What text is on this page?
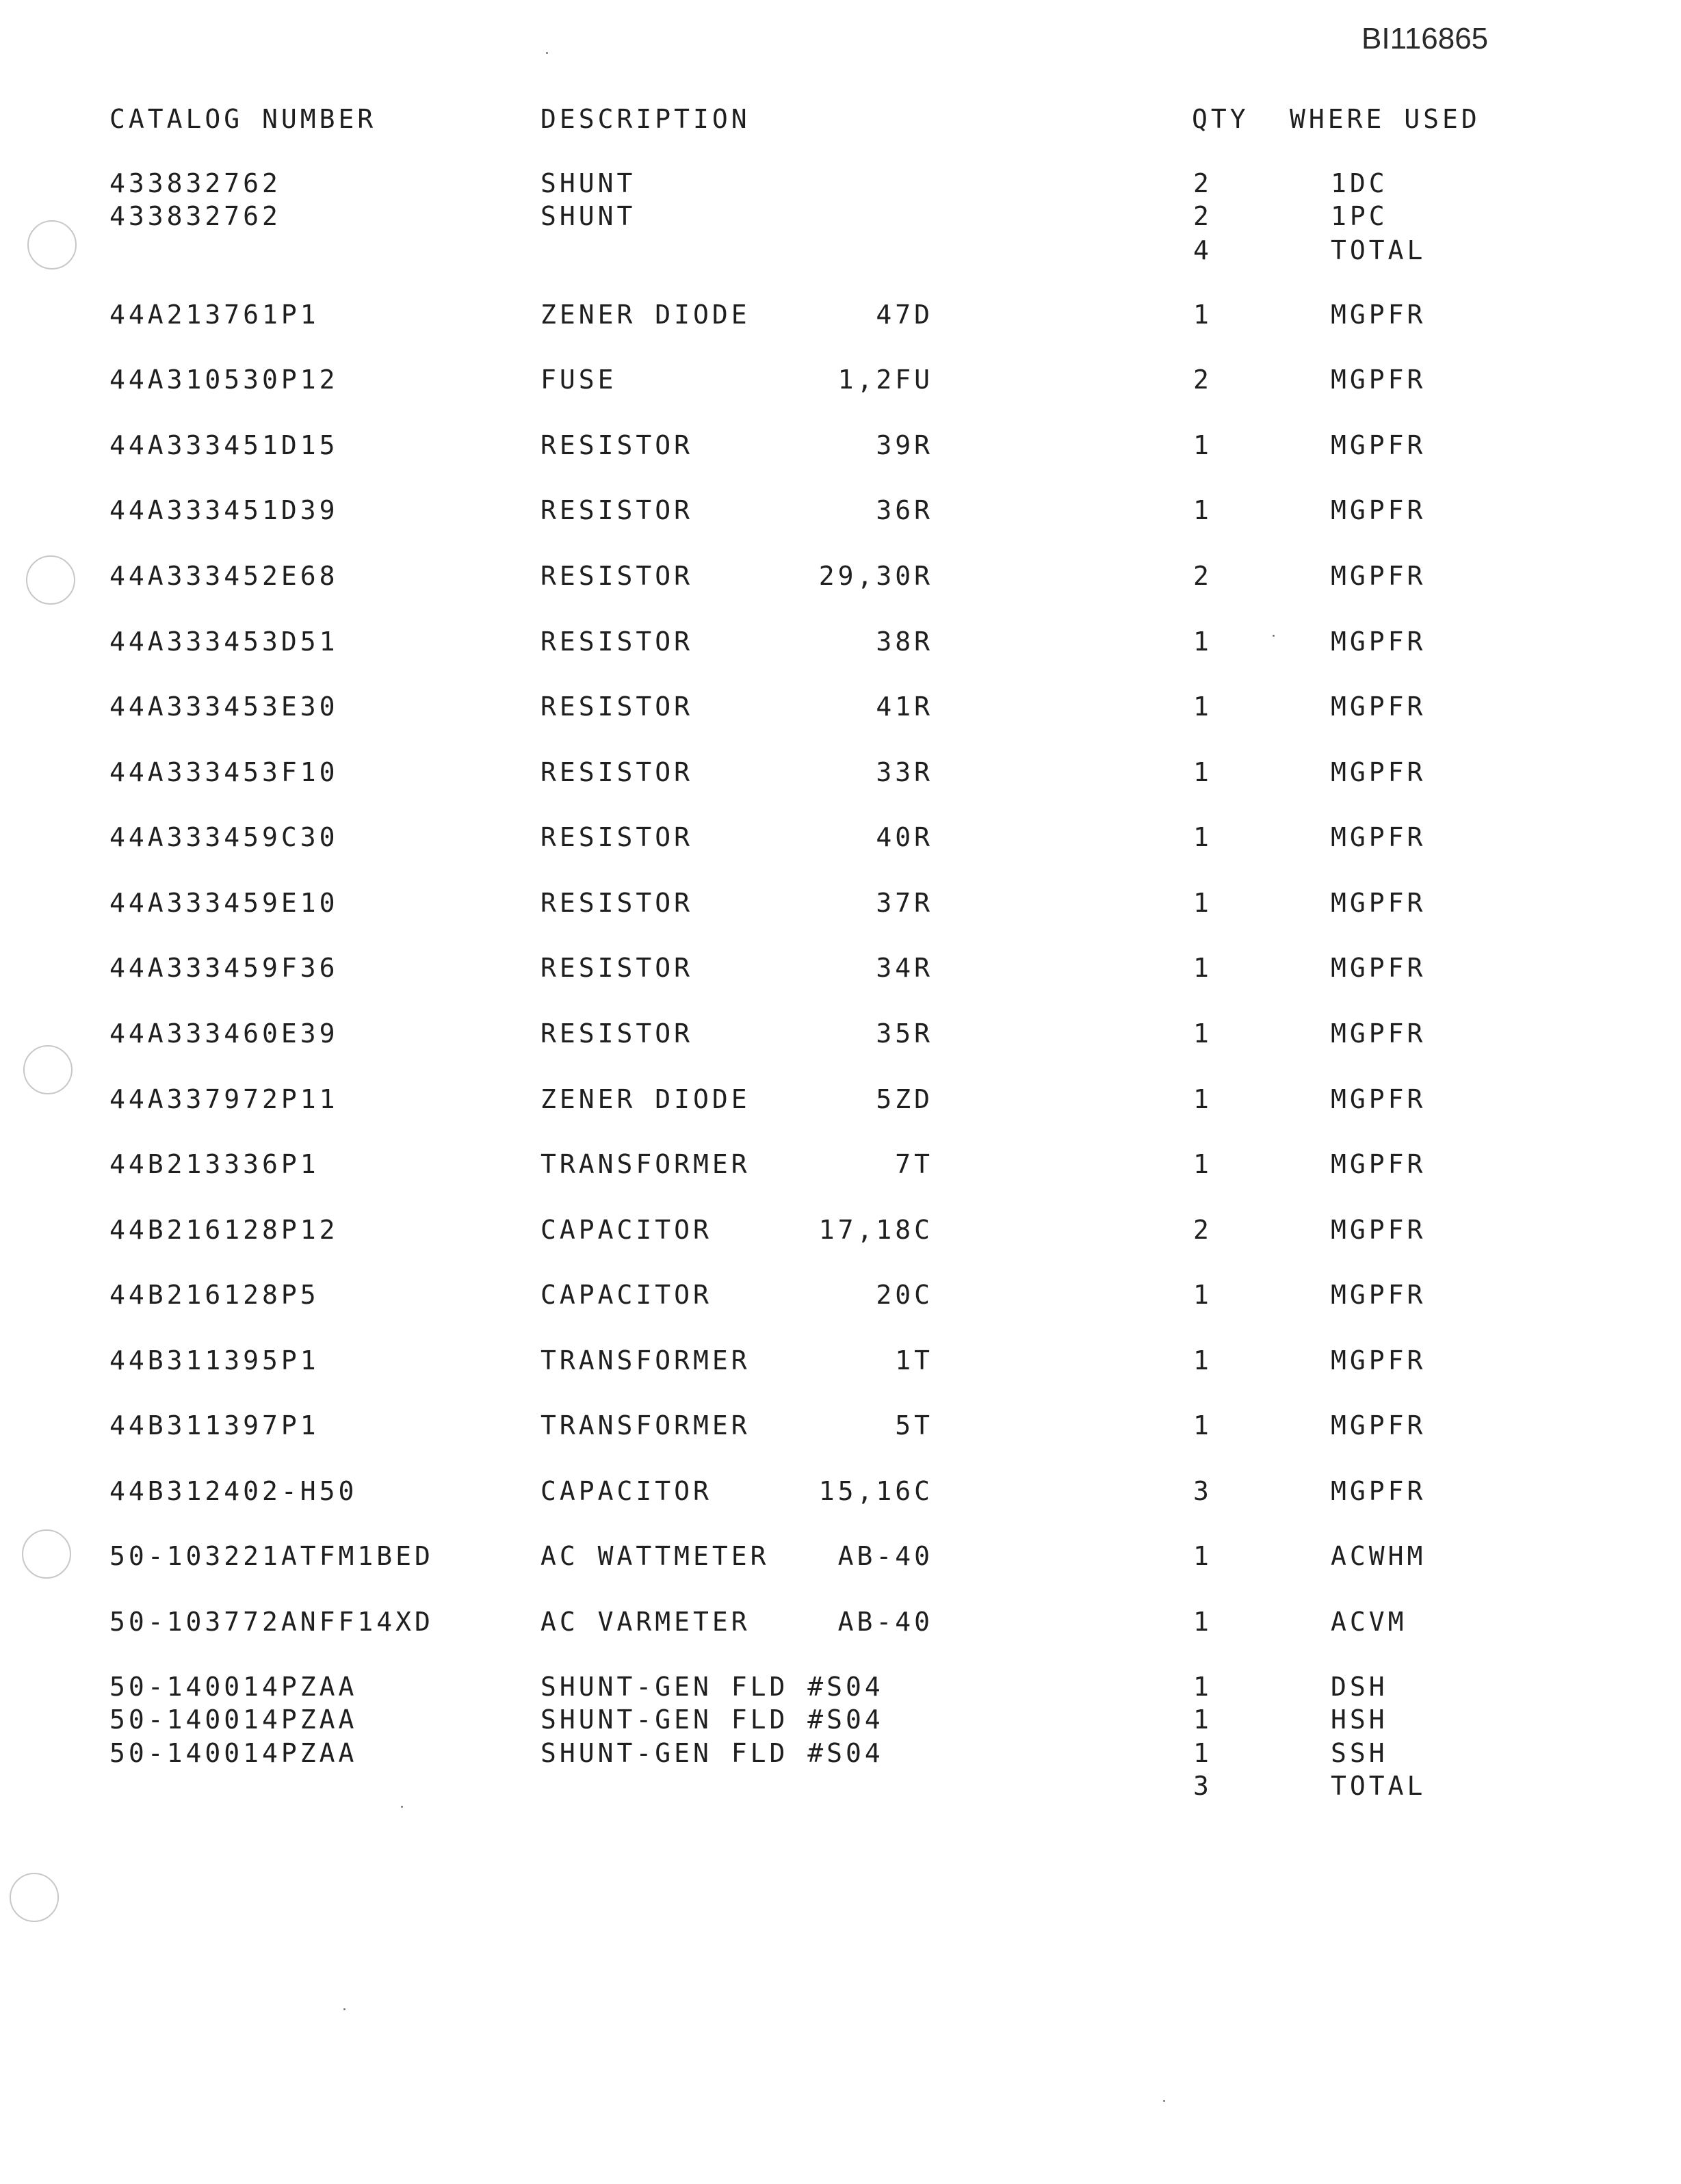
BI116865
CATALOG NUMBER	DESCRIPTION	QTY WHERE USED
433832762	SHUNT	2	1DC
433832762	SHUNT	2	1PC
4	TOTAL
44A213761P1	ZENER DIODE	47D	1	MGPFR
44A310530P12	FUSE	1,2FU	2	MGPFR
44A333451D15	RESISTOR	39R	1	MGPFR
44A333451D39	RESISTOR	36R	1	MGPFR
44A333452E68	RESISTOR	29,30R	2	MGPFR
44A333453D51	RESISTOR	38R	1	MGPFR
44A333453E30	RESISTOR	41R	1	MGPFR
44A333453F10	RESISTOR	33R	1	MGPFR
44A333459C30	RESISTOR	40R	1	MGPFR
44A333459E10	RESISTOR	37R	1	MGPFR
44A333459F36	RESISTOR	34R	1	MGPFR
44A333460E39	RESISTOR	35R	1	MGPFR
44A337972P11	ZENER DIODE	5ZD	1	MGPFR
44B213336P1	TRANSFORMER	7T	1	MGPFR
44B216128P12	CAPACITOR	17,18C	2	MGPFR
44B216128P5	CAPACITOR	20C	1	MGPFR
44B311395P1	TRANSFORMER	1T	1	MGPFR
44B311397P1	TRANSFORMER	5T	1	MGPFR
44B312402-H50	CAPACITOR	15,16C	3	MGPFR
50-103221ATFM1BED	AC WATTMETER	AB-40	1	ACWHM
50-103772ANFF14XD	AC VARMETER	AB-40	1	ACVM
50-140014PZAA	SHUNT-GEN FLD #S04	1	DSH
50-140014PZAA	SHUNT-GEN FLD #S04	1	HSH
50-140014PZAA	SHUNT-GEN FLD #S04	1	SSH
3	TOTAL
